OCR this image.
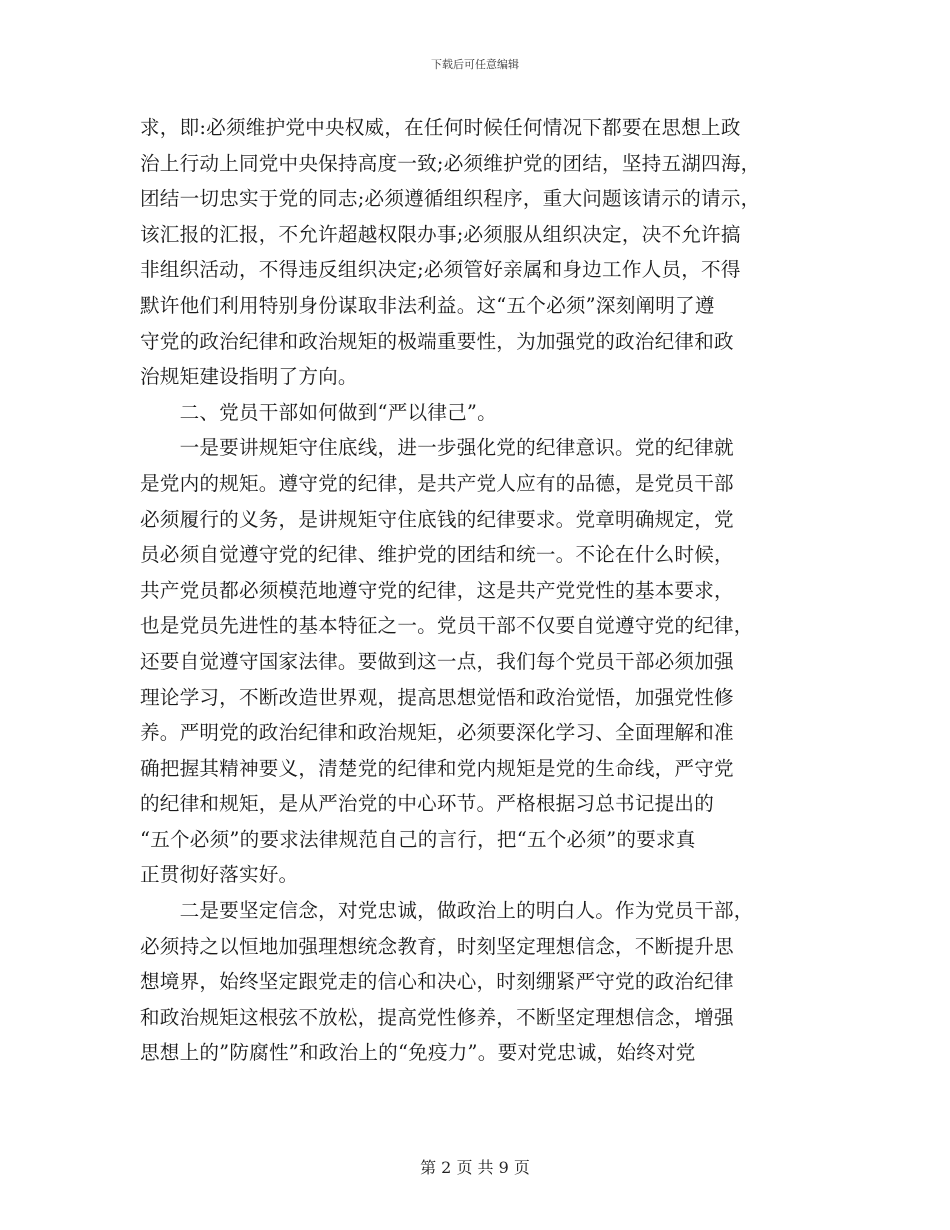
下载后可任意编辑
求，即:必须维护党中央权威，在任何时候任何情况下都要在思想上政
治上行动上同党中央保持高度一致;必须维护党的团结，坚持五湖四海，
团结一切忠实于党的同志;必须遵循组织程序，重大问题该请示的请示，
该汇报的汇报，不允许超越权限办事;必须服从组织决定，决不允许搞
非组织活动，不得违反组织决定;必须管好亲属和身边工作人员，不得
默许他们利用特别身份谋取非法利益。这“五个必须”深刻阐明了遵
守党的政治纪律和政治规矩的极端重要性，为加强党的政治纪律和政
治规矩建设指明了方向。
　　二、党员干部如何做到“严以律己”。
　　一是要讲规矩守住底线，进一步强化党的纪律意识。党的纪律就
是党内的规矩。遵守党的纪律，是共产党人应有的品德，是党员干部
必须履行的义务，是讲规矩守住底钱的纪律要求。党章明确规定，党
员必须自觉遵守党的纪律、维护党的团结和统一。不论在什么时候，
共产党员都必须模范地遵守党的纪律，这是共产党党性的基本要求，
也是党员先进性的基本特征之一。党员干部不仅要自觉遵守党的纪律，
还要自觉遵守国家法律。要做到这一点，我们每个党员干部必须加强
理论学习，不断改造世界观，提高思想觉悟和政治觉悟，加强党性修
养。严明党的政治纪律和政治规矩，必须要深化学习、全面理解和准
确把握其精神要义，清楚党的纪律和党内规矩是党的生命线，严守党
的纪律和规矩，是从严治党的中心环节。严格根据习总书记提出的
“五个必须”的要求法律规范自己的言行，把“五个必须”的要求真
正贯彻好落实好。
　　二是要坚定信念，对党忠诚，做政治上的明白人。作为党员干部，
必须持之以恒地加强理想统念教育，时刻坚定理想信念，不断提升思
想境界，始终坚定跟党走的信心和决心，时刻绷紧严守党的政治纪律
和政治规矩这根弦不放松，提高党性修养，不断坚定理想信念，增强
思想上的”防腐性”和政治上的“免疫力”。要对党忠诚，始终对党
第 2 页 共 9 页
